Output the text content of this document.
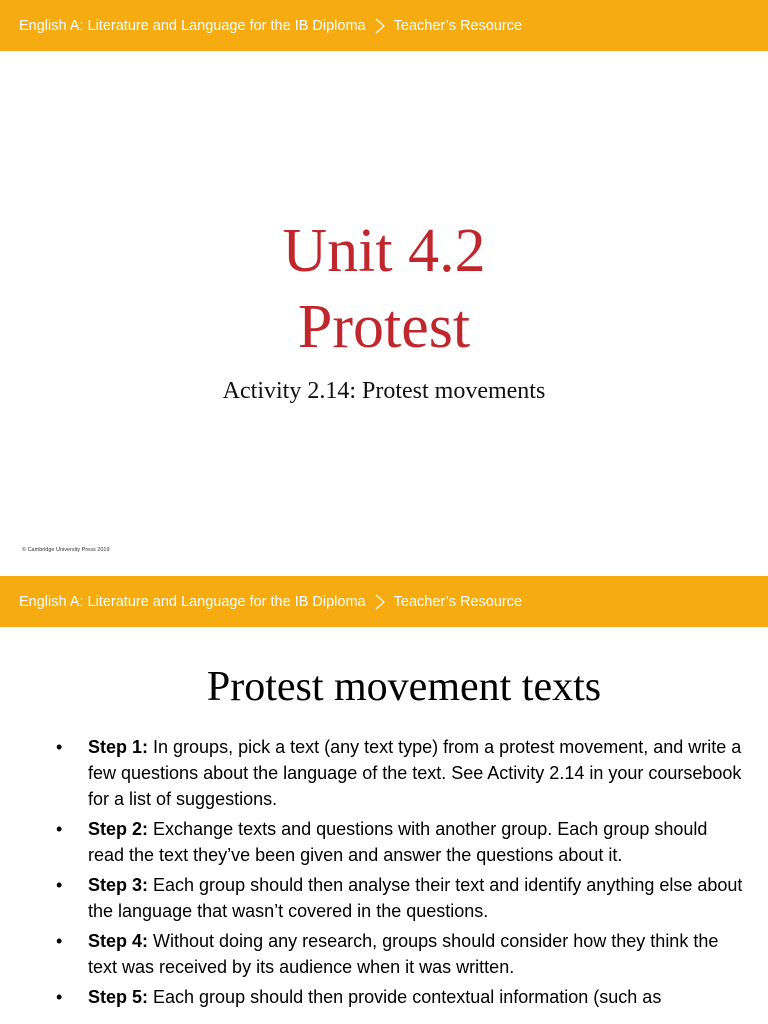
English A: Literature and Language for the IB Diploma Teacher’s Resource
Unit 4.2
Protest
Activity 2.14: Protest movements
© Cambridge University Press 2019
English A: Literature and Language for the IB Diploma Teacher’s Resource
Protest movement texts
• Step 1: In groups, pick a text (any text type) from a protest movement, and write a few questions about the language of the text. See Activity 2.14 in your coursebook for a list of suggestions.
• Step 2: Exchange texts and questions with another group. Each group should read the text they’ve been given and answer the questions about it.
• Step 3: Each group should then analyse their text and identify anything else about the language that wasn’t covered in the questions.
• Step 4: Without doing any research, groups should consider how they think the text was received by its audience when it was written.
• Step 5: Each group should then provide contextual information (such as
